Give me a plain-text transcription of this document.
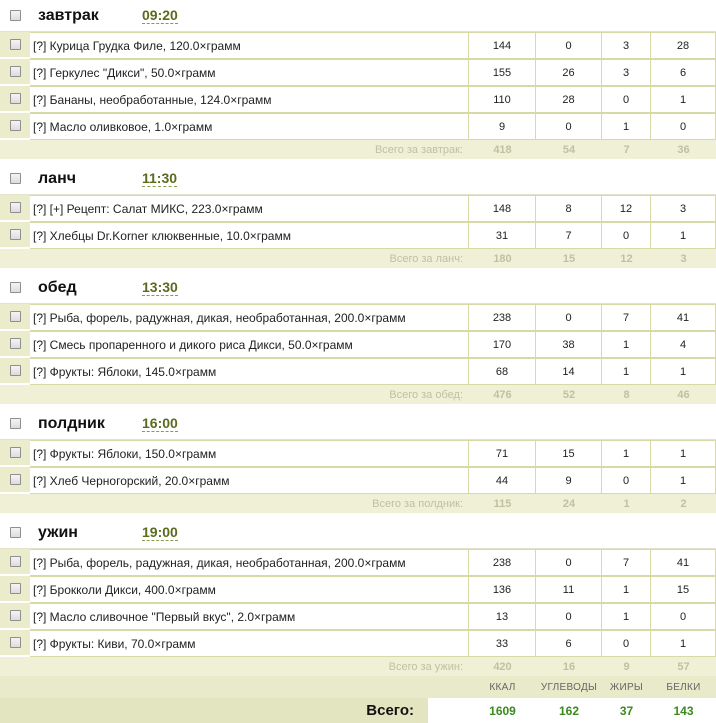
завтрак	09:20
[?] Курица Грудка Филе, 120.0×грамм	144	0	3	28
[?] Геркулес "Дикси", 50.0×грамм	155	26	3	6
[?] Бананы, необработанные, 124.0×грамм	110	28	0	1
[?] Масло оливковое, 1.0×грамм	9	0	1	0
Всего за завтрак:	418	54	7	36
ланч	11:30
[?] [+] Рецепт: Салат МИКС, 223.0×грамм	148	8	12	3
[?] Хлебцы Dr.Korner клюквенные, 10.0×грамм	31	7	0	1
Всего за ланч:	180	15	12	3
обед	13:30
[?] Рыба, форель, радужная, дикая, необработанная, 200.0×грамм	238	0	7	41
[?] Смесь пропаренного и дикого риса Дикси, 50.0×грамм	170	38	1	4
[?] Фрукты: Яблоки, 145.0×грамм	68	14	1	1
Всего за обед:	476	52	8	46
полдник	16:00
[?] Фрукты: Яблоки, 150.0×грамм	71	15	1	1
[?] Хлеб Черногорский, 20.0×грамм	44	9	0	1
Всего за полдник:	115	24	1	2
ужин	19:00
[?] Рыба, форель, радужная, дикая, необработанная, 200.0×грамм	238	0	7	41
[?] Брокколи Дикси, 400.0×грамм	136	11	1	15
[?] Масло сливочное "Первый вкус", 2.0×грамм	13	0	1	0
[?] Фрукты: Киви, 70.0×грамм	33	6	0	1
Всего за ужин:	420	16	9	57
ККАЛ	УГЛЕВОДЫ	ЖИРЫ	БЕЛКИ
Всего:	1609	162	37	143
